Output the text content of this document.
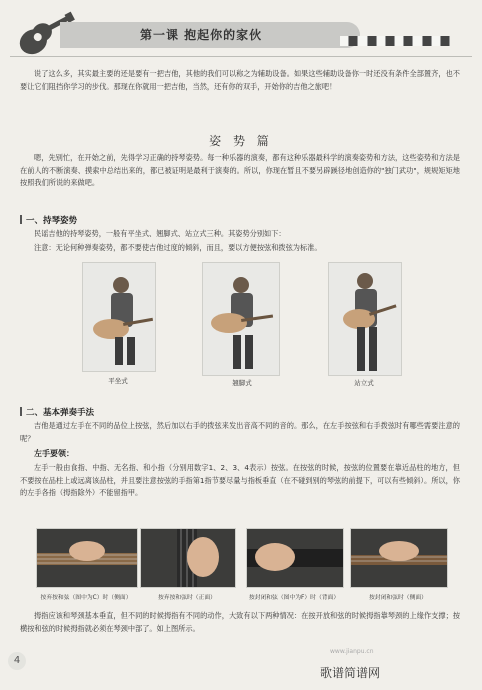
第一课 抱起你的家伙
说了这么多，其实最主要的还是要有一把吉他，其他的我们可以称之为辅助设备。如果这些辅助设备你一时还没有条件全部置齐，也不要让它们阻挡你学习的步伐。那现在你就用一把吉他，当然，还有你的双手，开始你的吉他之旅吧！
姿 势 篇
嗯，先别忙，在开始之前，先得学习正确的持琴姿势。每一种乐器的演奏，都有这种乐器最科学的演奏姿势和方法，这些姿势和方法是在前人的不断演奏、摸索中总结出来的，都已被证明是最利于演奏的。所以，你现在暂且不要另辟蹊径地创造你的"独门武功"，规规矩矩地按照我们所说的来做吧。
一、持琴姿势
民谣吉他的持琴姿势，一般有平坐式、翘脚式、站立式三种。其姿势分别如下：
注意：无论何种弹奏姿势，都不要使吉他过度的倾斜，而且，要以方便按弦和拨弦为标准。
平坐式	翘脚式	站立式
二、基本弹奏手法
吉他是通过左手在不同的品位上按弦，然后加以右手的拨弦来发出音高不同的音的。那么，在左手按弦和右手拨弦时有哪些需要注意的呢？
左手要领：
左手一般由食指、中指、无名指、和小指（分别用数字1、2、3、4表示）按弦。在按弦的时候，按弦的位置要在靠近品柱的地方，但不要按在品柱上或远离该品柱，并且要注意按弦的手指第1指节要尽量与指板垂直（在不碰到别的琴弦的前提下，可以有些倾斜）。所以，你的左手各指（拇指除外）不能留指甲。
按弃按和弦（图中为C）时（侧面）	按弃按和弦时（正面）	按封闭和弦（图中为F）时（背面）	按封闭和弦时（侧面）
拇指应该和琴颈基本垂直，但不同的时候拇指有不同的动作，大致有以下两种情况：在按开放和弦的时候拇指靠琴颈的上缘作支撑；按横按和弦的时候拇指就必须在琴颈中部了。如上图所示。
4
www.jianpu.cn
歌谱简谱网
